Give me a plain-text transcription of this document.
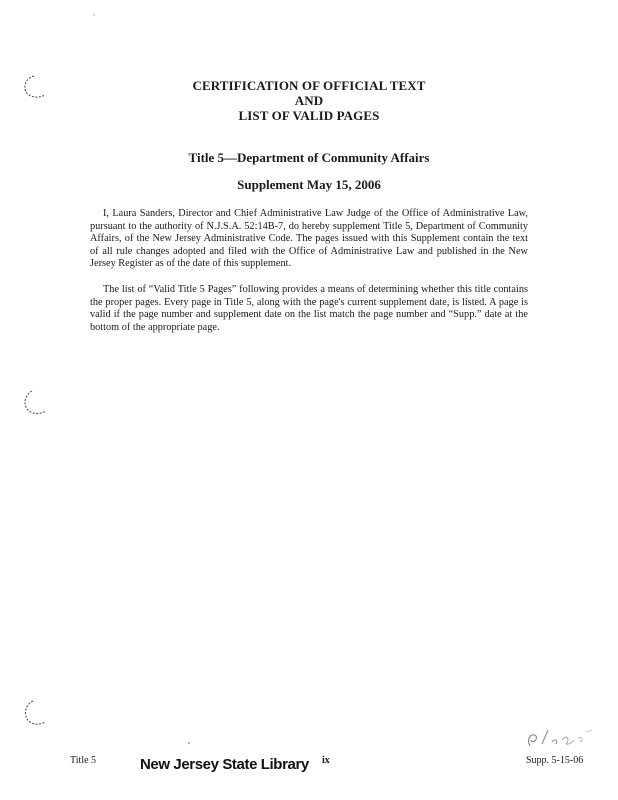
CERTIFICATION OF OFFICIAL TEXT
AND
LIST OF VALID PAGES
Title 5—Department of Community Affairs
Supplement May 15, 2006

I, Laura Sanders, Director and Chief Administrative Law Judge of the Office of Administrative Law, pursuant to the authority of N.J.S.A. 52:14B-7, do hereby supplement Title 5, Department of Community Affairs, of the New Jersey Administrative Code. The pages issued with this Supplement contain the text of all rule changes adopted and filed with the Office of Administrative Law and published in the New Jersey Register as of the date of this supplement.

The list of “Valid Title 5 Pages” following provides a means of determining whether this title contains the proper pages. Every page in Title 5, along with the page's current supplement date, is listed. A page is valid if the page number and supplement date on the list match the page number and “Supp.” date at the bottom of the appropriate page.

Title 5	New Jersey State Library ix	Supp. 5-15-06
